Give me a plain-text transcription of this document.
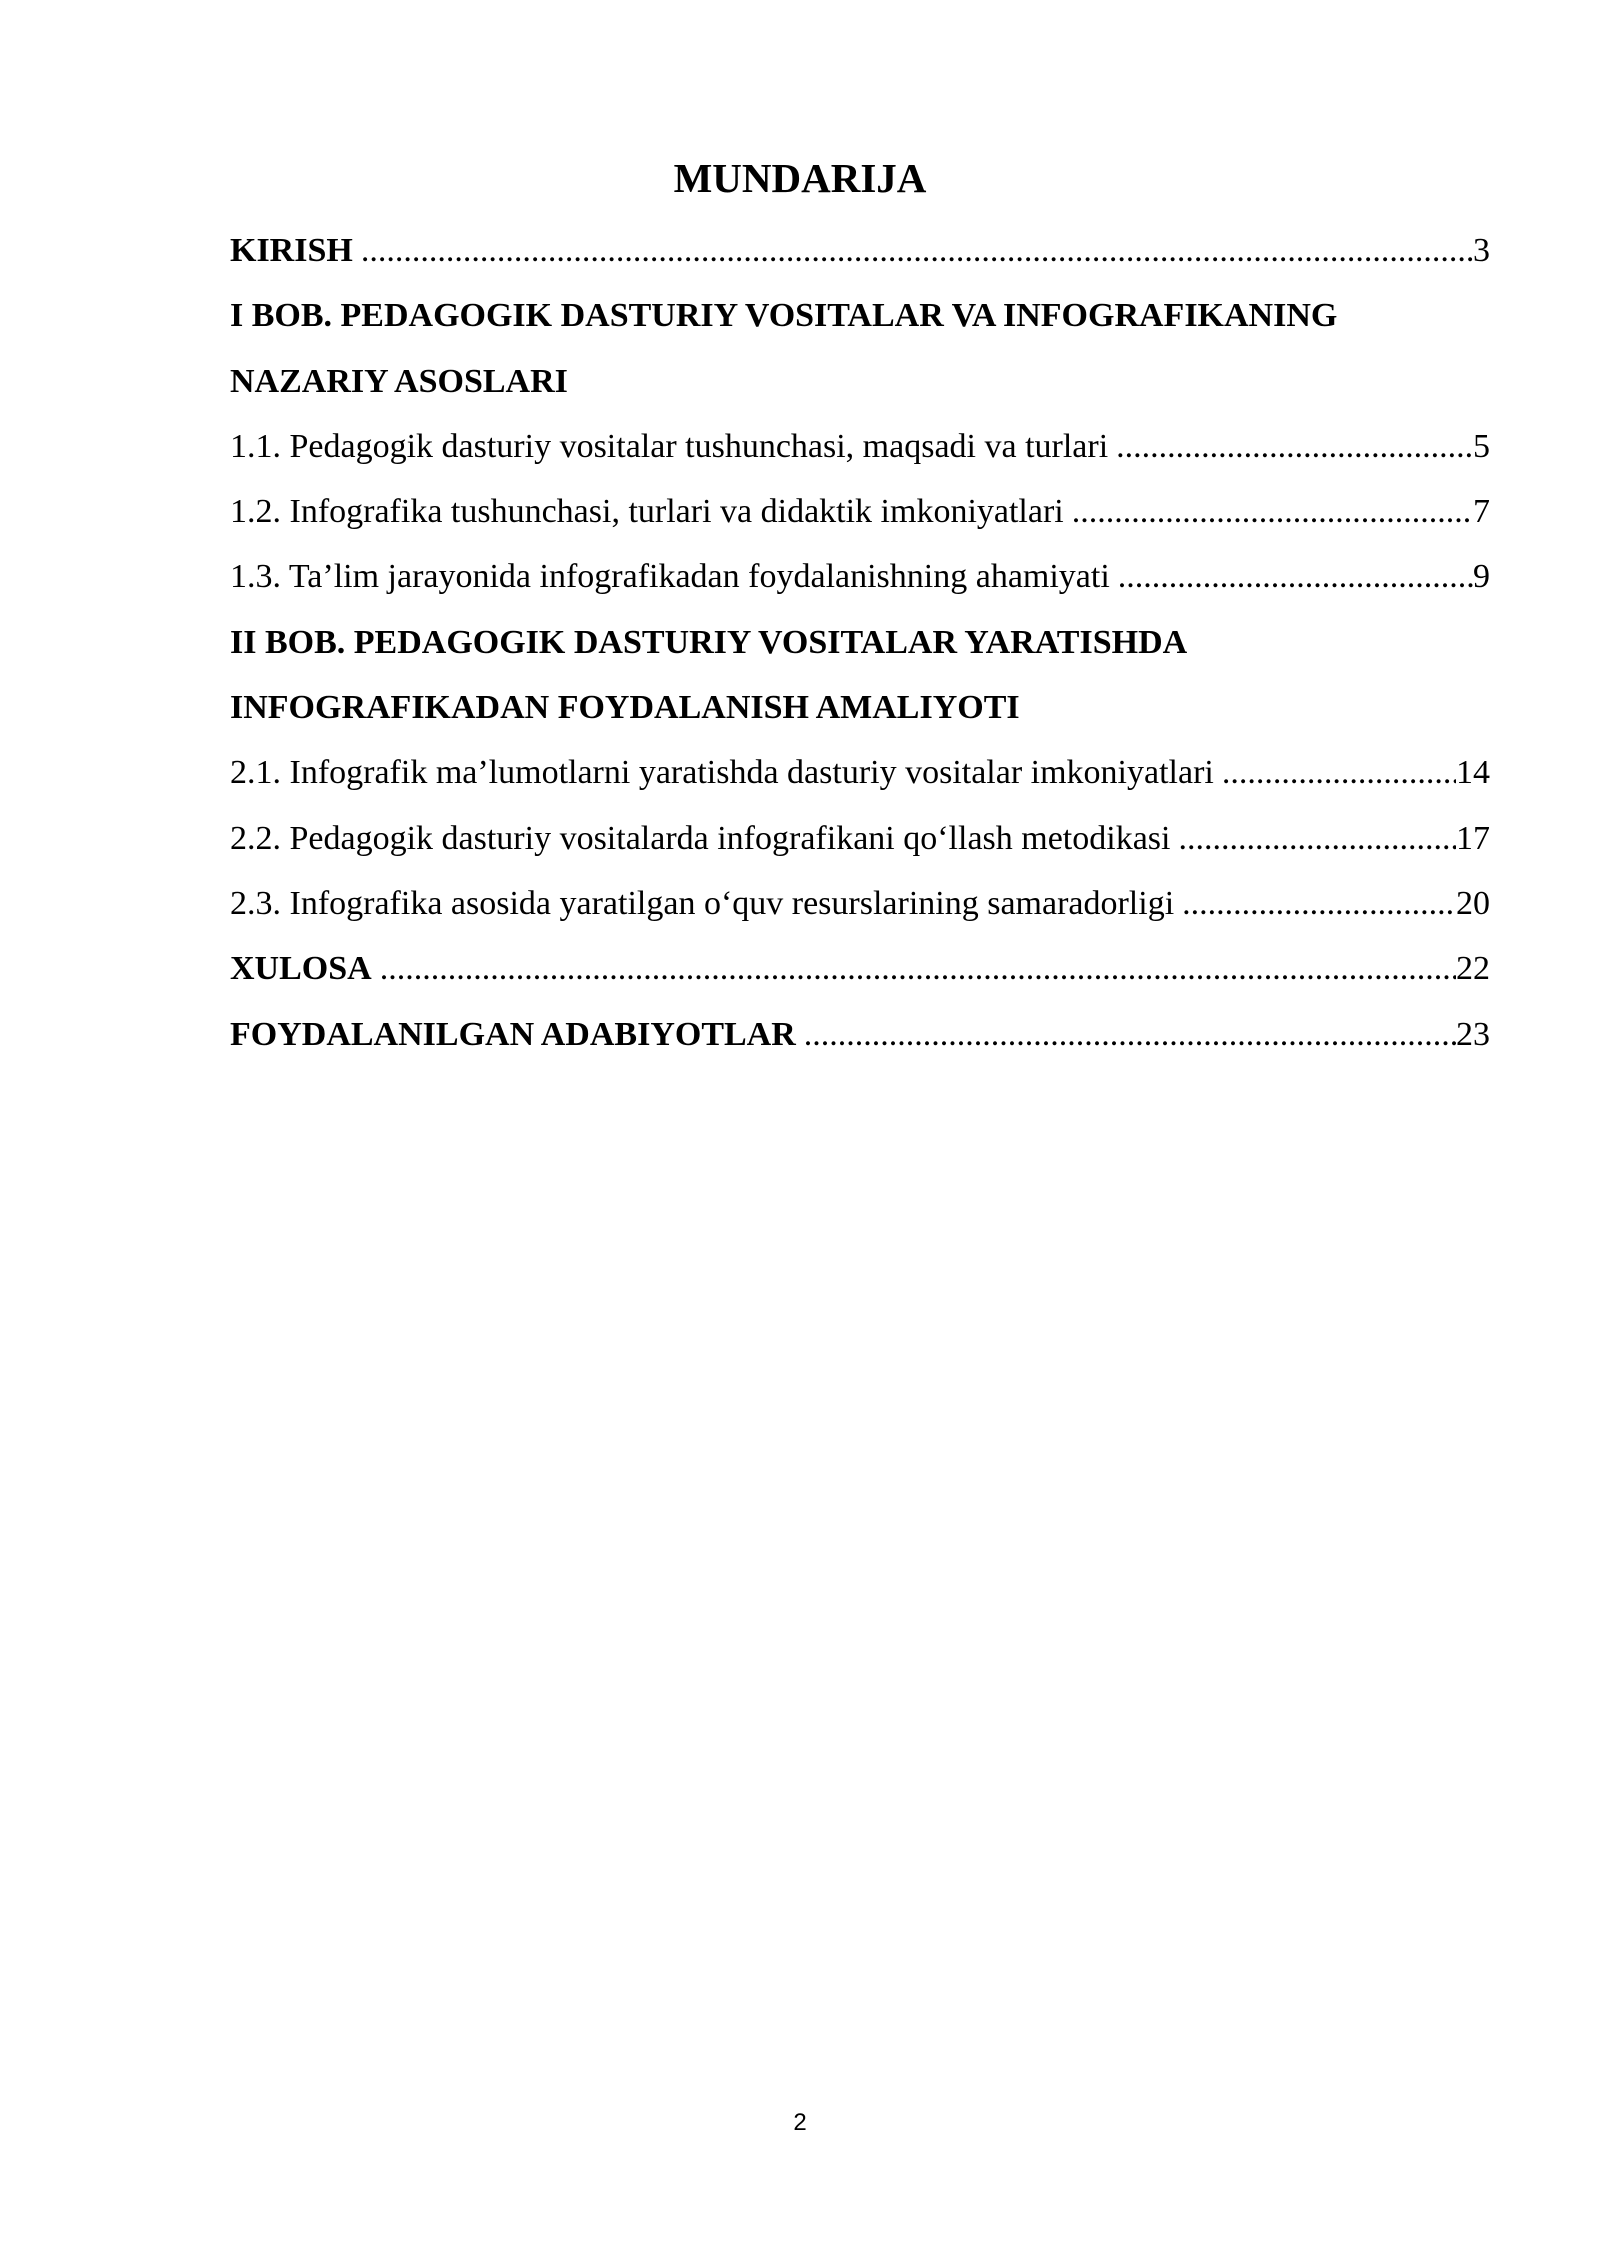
MUNDARIJA
KIRISH .....	3
I BOB. PEDAGOGIK DASTURIY VOSITALAR VA INFOGRAFIKANING
NAZARIY ASOSLARI
1.1. Pedagogik dasturiy vositalar tushunchasi, maqsadi va turlari .....	5
1.2. Infografika tushunchasi, turlari va didaktik imkoniyatlari .....	7
1.3. Ta’lim jarayonida infografikadan foydalanishning ahamiyati .....	9
II BOB. PEDAGOGIK DASTURIY VOSITALAR YARATISHDA
INFOGRAFIKADAN FOYDALANISH AMALIYOTI
2.1. Infografik ma’lumotlarni yaratishda dasturiy vositalar imkoniyatlari .....	14
2.2. Pedagogik dasturiy vositalarda infografikani qo‘llash metodikasi .....	17
2.3. Infografika asosida yaratilgan o‘quv resurslarining samaradorligi .....	20
XULOSA .....	22
FOYDALANILGAN ADABIYOTLAR .....	23
2
